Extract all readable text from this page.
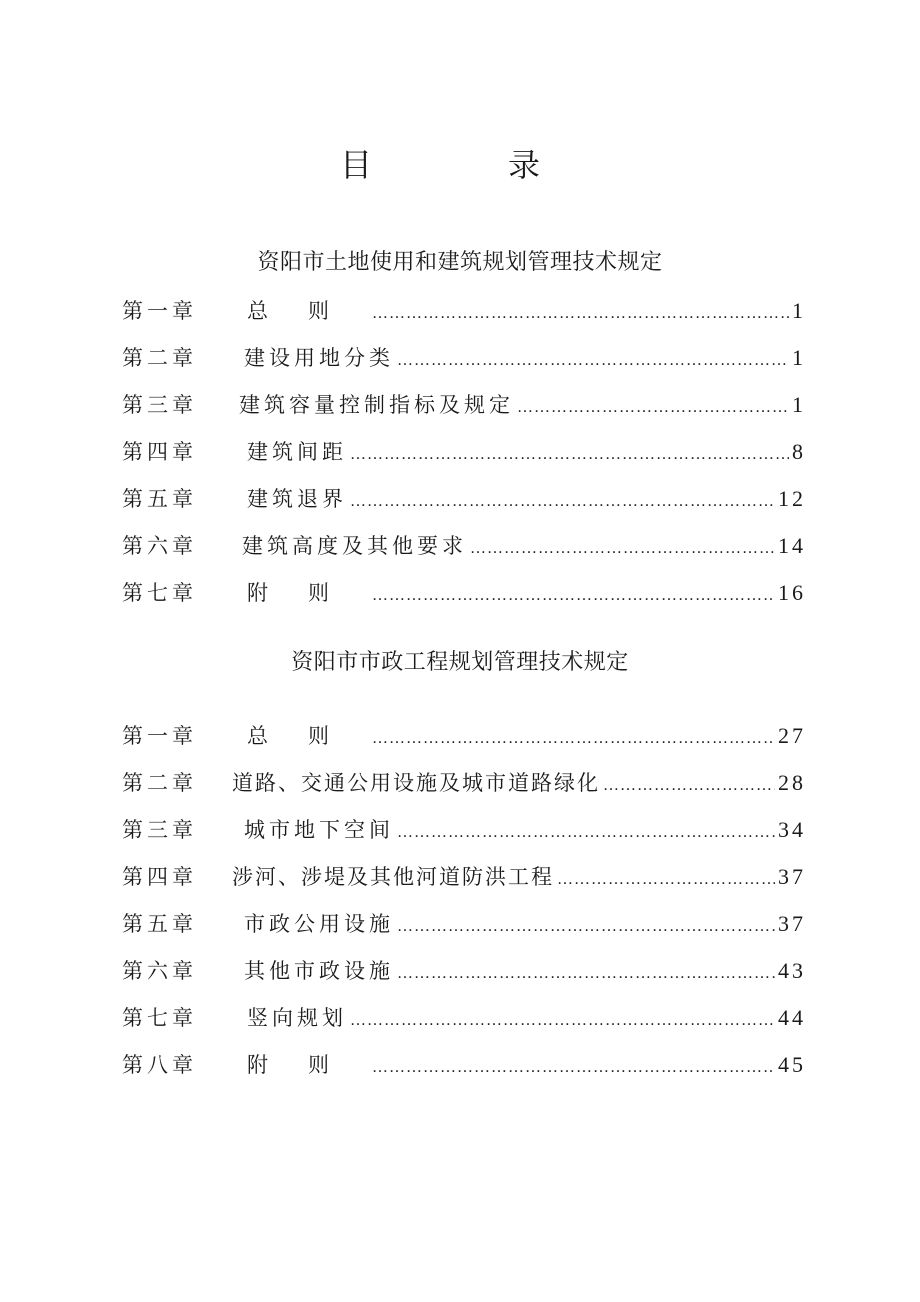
目	录
资阳市土地使用和建筑规划管理技术规定
第一章	总则 …………………………………………………………………………………………………………………………………………………………	1
第二章	建设用地分类 …………………………………………………………………………………………………………………………………………………………	1
第三章	建筑容量控制指标及规定 …………………………………………………………………………………………………………………………………………………………	1
第四章	建筑间距 …………………………………………………………………………………………………………………………………………………………	8
第五章	建筑退界 …………………………………………………………………………………………………………………………………………………………	12
第六章	建筑高度及其他要求 …………………………………………………………………………………………………………………………………………………………	14
第七章	附则 …………………………………………………………………………………………………………………………………………………………	16
资阳市市政工程规划管理技术规定
第一章	总则 …………………………………………………………………………………………………………………………………………………………	27
第二章	道路、交通公用设施及城市道路绿化 …………………………………………………………………………………………………………………………………………………………	28
第三章	城市地下空间 …………………………………………………………………………………………………………………………………………………………	34
第四章	涉河、涉堤及其他河道防洪工程 …………………………………………………………………………………………………………………………………………………………	37
第五章	市政公用设施 …………………………………………………………………………………………………………………………………………………………	37
第六章	其他市政设施 …………………………………………………………………………………………………………………………………………………………	43
第七章	竖向规划 …………………………………………………………………………………………………………………………………………………………	44
第八章	附则 …………………………………………………………………………………………………………………………………………………………	45
